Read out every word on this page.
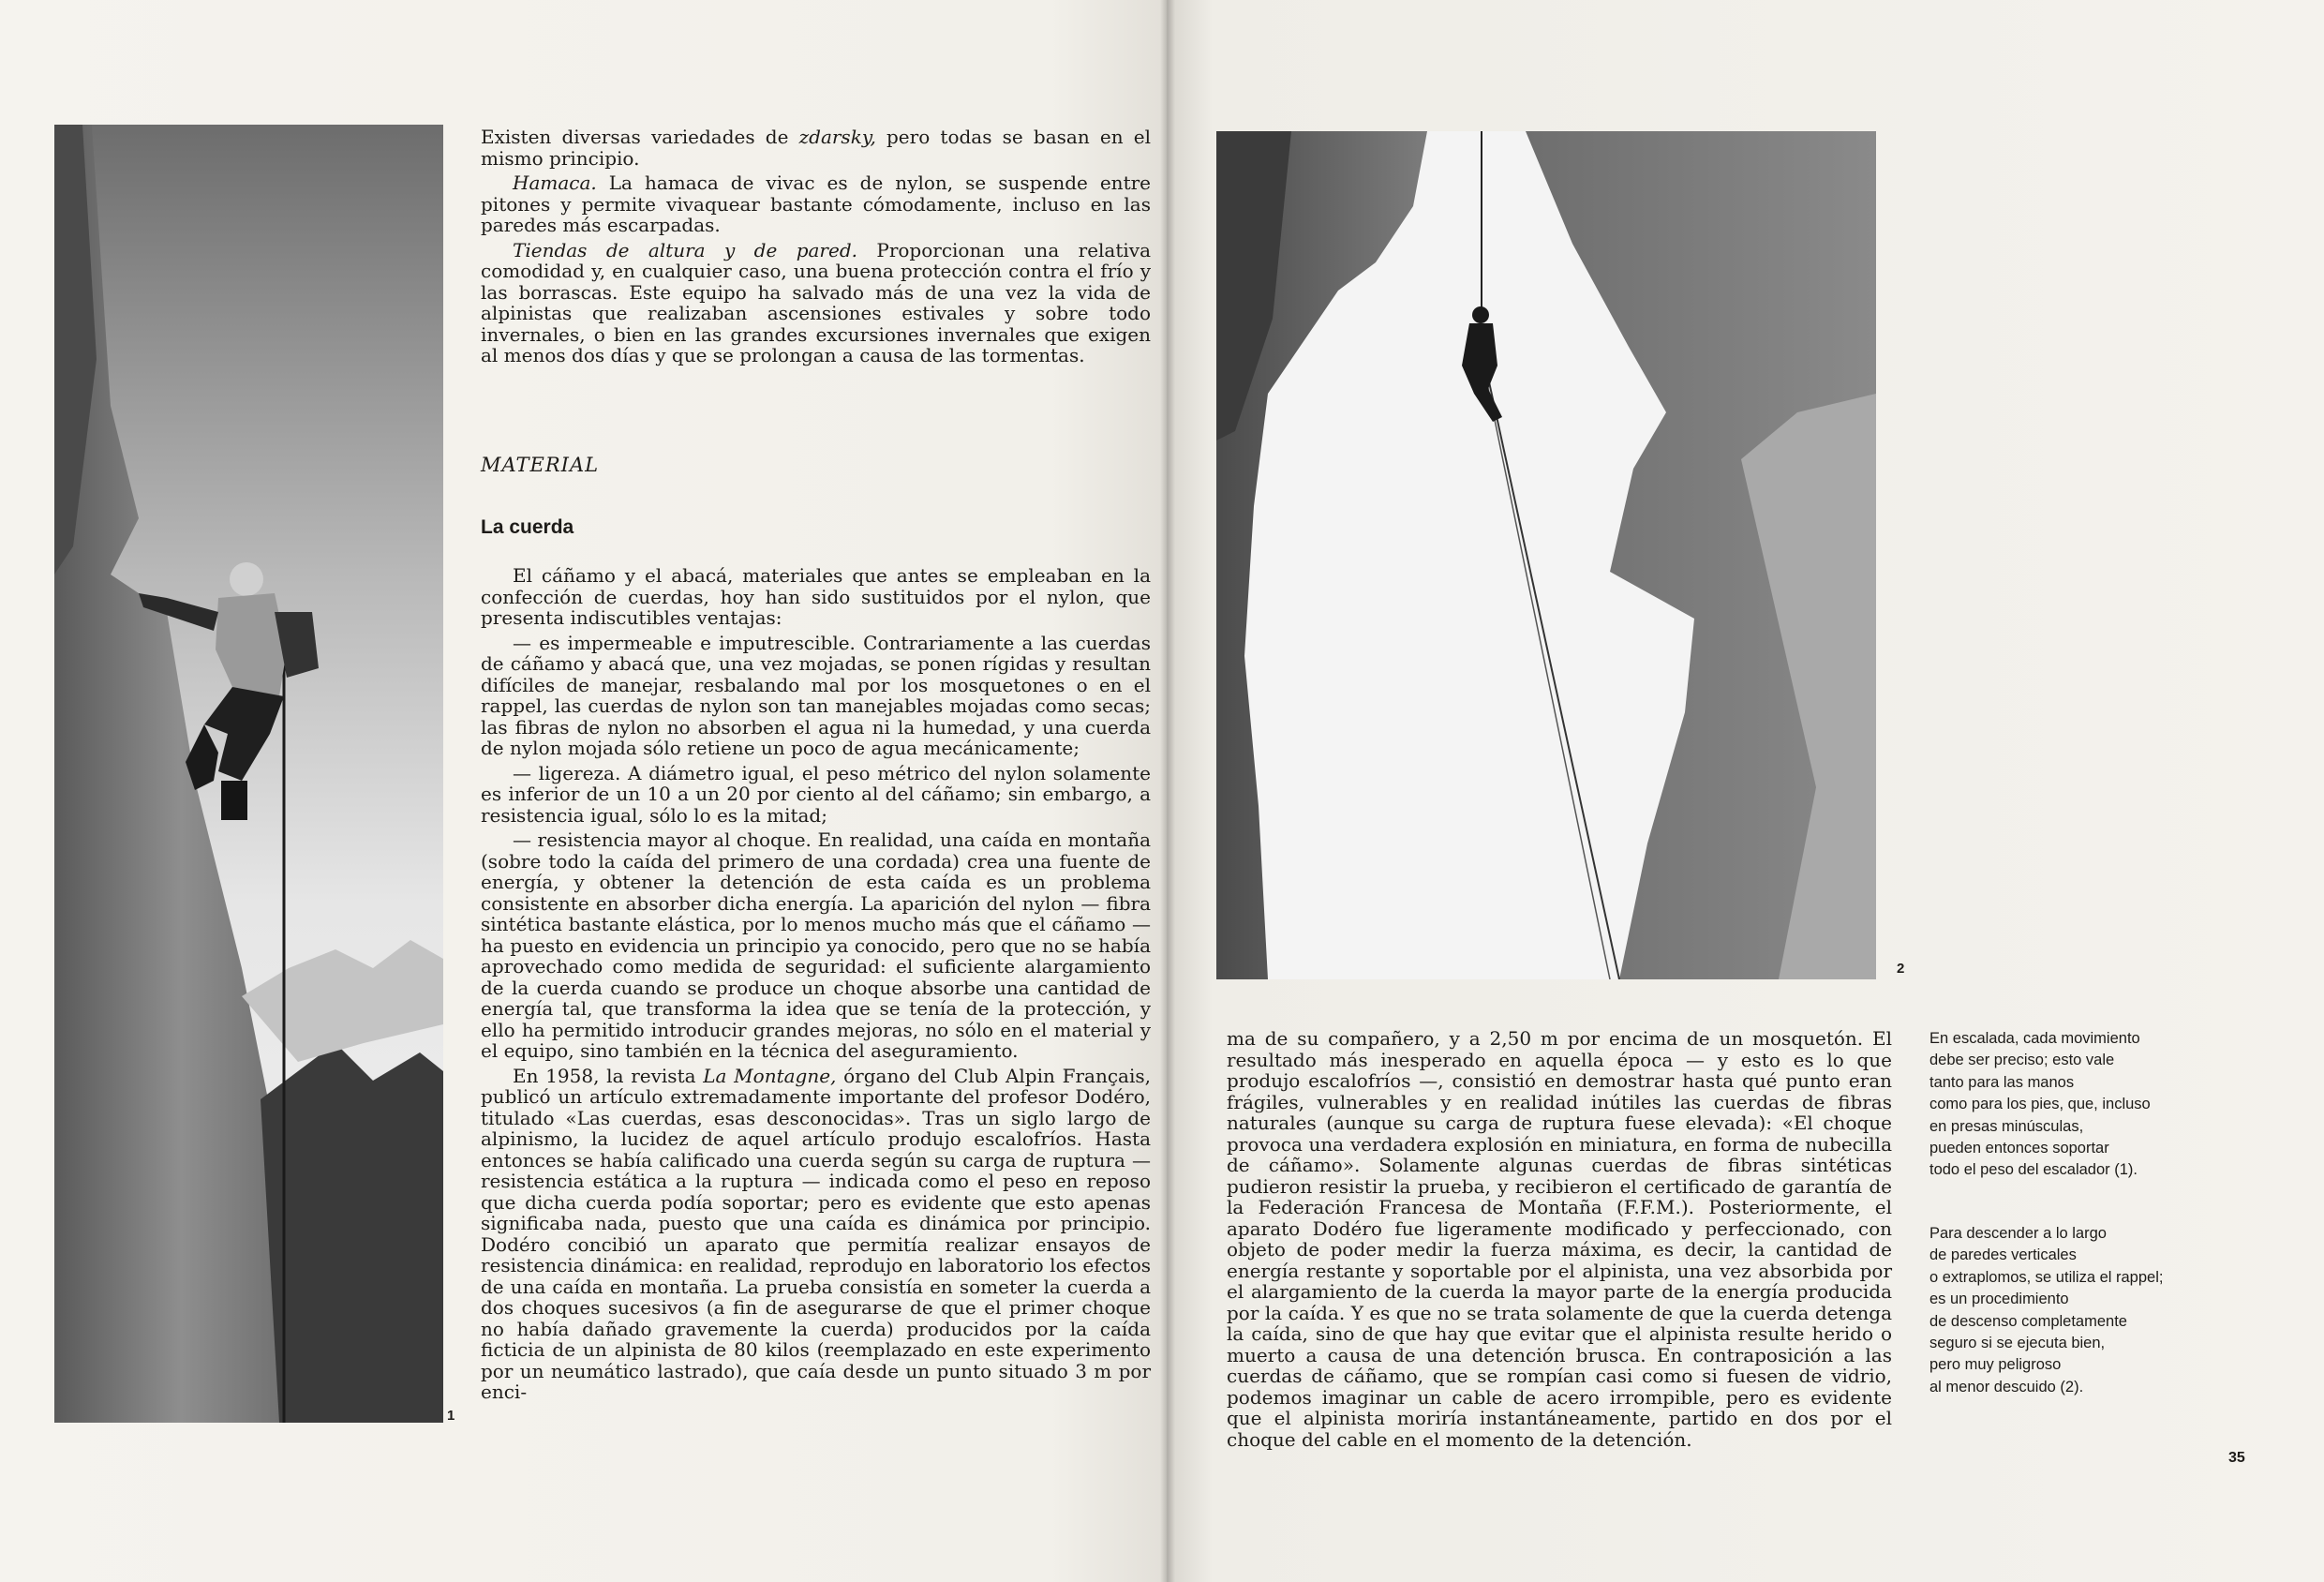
1

Existen diversas variedades de zdarsky, pero todas se basan en el mismo principio.

Hamaca. La hamaca de vivac es de nylon, se suspende entre pitones y permite vivaquear bastante cómodamente, incluso en las paredes más escarpadas.

Tiendas de altura y de pared. Proporcionan una relativa comodidad y, en cualquier caso, una buena protección contra el frío y las borrascas. Este equipo ha salvado más de una vez la vida de alpinistas que realizaban ascensiones estivales y sobre todo invernales, o bien en las grandes excursiones invernales que exigen al menos dos días y que se prolongan a causa de las tormentas.

MATERIAL
La cuerda

El cáñamo y el abacá, materiales que antes se empleaban en la confección de cuerdas, hoy han sido sustituidos por el nylon, que presenta indiscutibles ventajas:

— es impermeable e imputrescible. Contrariamente a las cuerdas de cáñamo y abacá que, una vez mojadas, se ponen rígidas y resultan difíciles de manejar, resbalando mal por los mosquetones o en el rappel, las cuerdas de nylon son tan manejables mojadas como secas; las fibras de nylon no absorben el agua ni la humedad, y una cuerda de nylon mojada sólo retiene un poco de agua mecánicamente;

— ligereza. A diámetro igual, el peso métrico del nylon solamente es inferior de un 10 a un 20 por ciento al del cáñamo; sin embargo, a resistencia igual, sólo lo es la mitad;

— resistencia mayor al choque. En realidad, una caída en montaña (sobre todo la caída del primero de una cordada) crea una fuente de energía, y obtener la detención de esta caída es un problema consistente en absorber dicha energía. La aparición del nylon — fibra sintética bastante elástica, por lo menos mucho más que el cáñamo — ha puesto en evidencia un principio ya conocido, pero que no se había aprovechado como medida de seguridad: el suficiente alargamiento de la cuerda cuando se produce un choque absorbe una cantidad de energía tal, que transforma la idea que se tenía de la protección, y ello ha permitido introducir grandes mejoras, no sólo en el material y el equipo, sino también en la técnica del aseguramiento.

En 1958, la revista La Montagne, órgano del Club Alpin Français, publicó un artículo extremadamente importante del profesor Dodéro, titulado «Las cuerdas, esas desconocidas». Tras un siglo largo de alpinismo, la lucidez de aquel artículo produjo escalofríos. Hasta entonces se había calificado una cuerda según su carga de ruptura — resistencia estática a la ruptura — indicada como el peso en reposo que dicha cuerda podía soportar; pero es evidente que esto apenas significaba nada, puesto que una caída es dinámica por principio. Dodéro concibió un aparato que permitía realizar ensayos de resistencia dinámica: en realidad, reprodujo en laboratorio los efectos de una caída en montaña. La prueba consistía en someter la cuerda a dos choques sucesivos (a fin de asegurarse de que el primer choque no había dañado gravemente la cuerda) producidos por la caída ficticia de un alpinista de 80 kilos (reemplazado en este experimento por un neumático lastrado), que caía desde un punto situado 3 m por enci-

2

ma de su compañero, y a 2,50 m por encima de un mosquetón. El resultado más inesperado en aquella época — y esto es lo que produjo escalofríos —, consistió en demostrar hasta qué punto eran frágiles, vulnerables y en realidad inútiles las cuerdas de fibras naturales (aunque su carga de ruptura fuese elevada): «El choque provoca una verdadera explosión en miniatura, en forma de nubecilla de cáñamo». Solamente algunas cuerdas de fibras sintéticas pudieron resistir la prueba, y recibieron el certificado de garantía de la Federación Francesa de Montaña (F.F.M.). Posteriormente, el aparato Dodéro fue ligeramente modificado y perfeccionado, con objeto de poder medir la fuerza máxima, es decir, la cantidad de energía restante y soportable por el alpinista, una vez absorbida por el alargamiento de la cuerda la mayor parte de la energía producida por la caída. Y es que no se trata solamente de que la cuerda detenga la caída, sino de que hay que evitar que el alpinista resulte herido o muerto a causa de una detención brusca. En contraposición a las cuerdas de cáñamo, que se rompían casi como si fuesen de vidrio, podemos imaginar un cable de acero irrompible, pero es evidente que el alpinista moriría instantáneamente, partido en dos por el choque del cable en el momento de la detención.

En escalada, cada movimiento
debe ser preciso; esto vale
tanto para las manos
como para los pies, que, incluso
en presas minúsculas,
pueden entonces soportar
todo el peso del escalador (1).
Para descender a lo largo
de paredes verticales
o extraplomos, se utiliza el rappel;
es un procedimiento
de descenso completamente
seguro si se ejecuta bien,
pero muy peligroso
al menor descuido (2).
35
